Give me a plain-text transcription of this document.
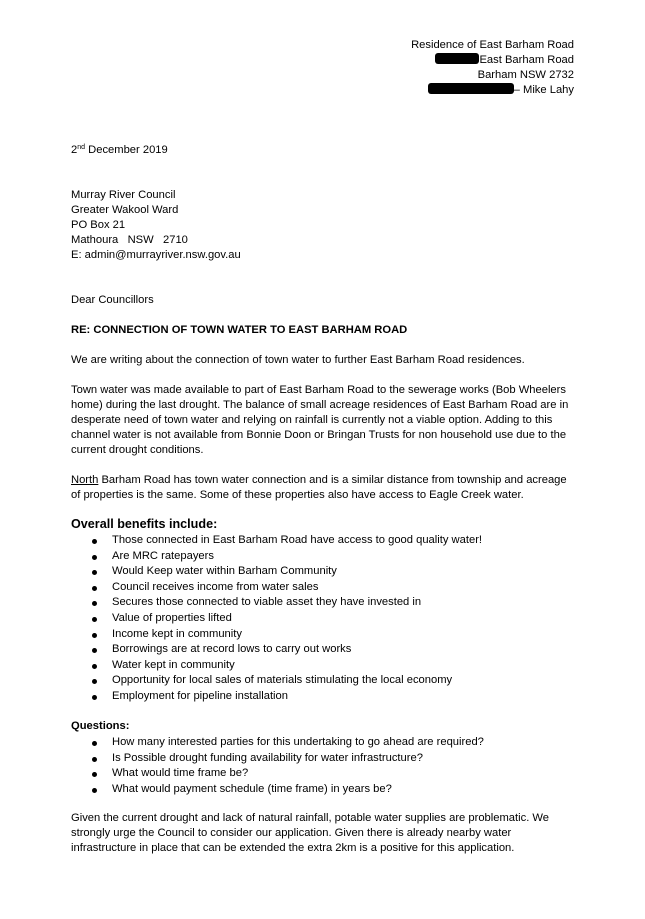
Residence of East Barham Road
East Barham Road
Barham NSW 2732
– Mike Lahy
2nd December 2019
Murray River Council
Greater Wakool Ward
PO Box 21
Mathoura   NSW   2710
E: admin@murrayriver.nsw.gov.au
Dear Councillors
RE: CONNECTION OF TOWN WATER TO EAST BARHAM ROAD
We are writing about the connection of town water to further East Barham Road residences.
Town water was made available to part of East Barham Road to the sewerage works (Bob Wheelers home) during the last drought. The balance of small acreage residences of East Barham Road are in desperate need of town water and relying on rainfall is currently not a viable option. Adding to this channel water is not available from Bonnie Doon or Bringan Trusts for non household use due to the current drought conditions.
North Barham Road has town water connection and is a similar distance from township and acreage of properties is the same. Some of these properties also have access to Eagle Creek water.
Overall benefits include:
Those connected in East Barham Road have access to good quality water!
Are MRC ratepayers
Would Keep water within Barham Community
Council receives income from water sales
Secures those connected to viable asset they have invested in
Value of properties lifted
Income kept in community
Borrowings are at record lows to carry out works
Water kept in community
Opportunity for local sales of materials stimulating the local economy
Employment for pipeline installation
Questions:
How many interested parties for this undertaking to go ahead are required?
Is Possible drought funding availability for water infrastructure?
What would time frame be?
What would payment schedule (time frame) in years be?
Given the current drought and lack of natural rainfall, potable water supplies are problematic. We strongly urge the Council to consider our application. Given there is already nearby water infrastructure in place that can be extended the extra 2km is a positive for this application.
